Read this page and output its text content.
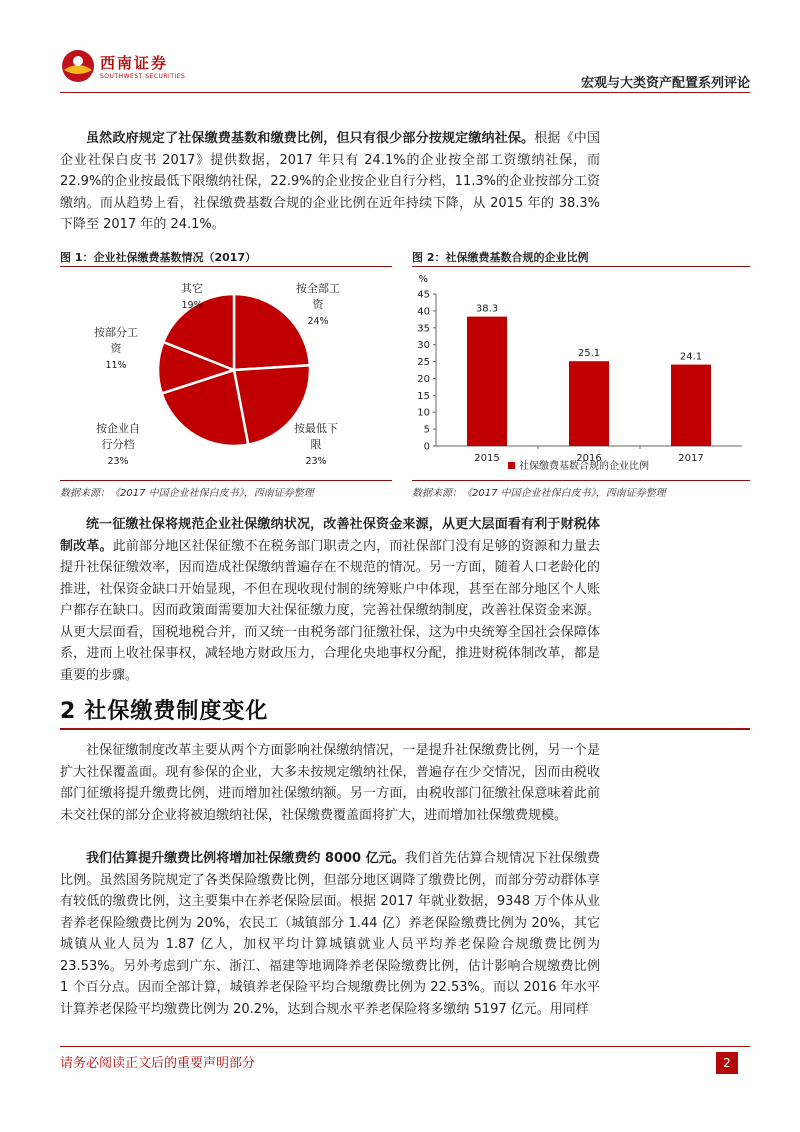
西南证券
SOUTHWEST SECURITIES	宏观与大类资产配置系列评论

虽然政府规定了社保缴费基数和缴费比例，但只有很少部分按规定缴纳社保。根据《中国企业社保白皮书 2017》提供数据，2017 年只有 24.1%的企业按全部工资缴纳社保，而 22.9%的企业按最低下限缴纳社保，22.9%的企业按企业自行分档，11.3%的企业按部分工资缴纳。而从趋势上看，社保缴费基数合规的企业比例在近年持续下降，从 2015 年的 38.3%下降至 2017 年的 24.1%。

图 1：企业社保缴费基数情况（2017）
按全部工
资
24%
按最低下
限
23%
按企业自
行分档
23%
按部分工
资
11%
其它
19%
数据来源：《2017 中国企业社保白皮书》，西南证券整理
图 2：社保缴费基数合规的企业比例
%
0
5
10
15
20
25
30
35
40
45
38.3
2015
25.1
2016
24.1
2017
社保缴费基数合规的企业比例
数据来源：《2017 中国企业社保白皮书》，西南证券整理

统一征缴社保将规范企业社保缴纳状况，改善社保资金来源，从更大层面看有利于财税体制改革。此前部分地区社保征缴不在税务部门职责之内，而社保部门没有足够的资源和力量去提升社保征缴效率，因而造成社保缴纳普遍存在不规范的情况。另一方面，随着人口老龄化的推进，社保资金缺口开始显现，不但在现收现付制的统筹账户中体现，甚至在部分地区个人账户都存在缺口。因而政策面需要加大社保征缴力度，完善社保缴纳制度，改善社保资金来源。从更大层面看，国税地税合并，而又统一由税务部门征缴社保，这为中央统筹全国社会保障体系，进而上收社保事权，减轻地方财政压力，合理化央地事权分配，推进财税体制改革，都是重要的步骤。

2 社保缴费制度变化

社保征缴制度改革主要从两个方面影响社保缴纳情况，一是提升社保缴费比例，另一个是扩大社保覆盖面。现有参保的企业，大多未按规定缴纳社保，普遍存在少交情况，因而由税收部门征缴将提升缴费比例，进而增加社保缴纳额。另一方面，由税收部门征缴社保意味着此前未交社保的部分企业将被迫缴纳社保，社保缴费覆盖面将扩大，进而增加社保缴费规模。

我们估算提升缴费比例将增加社保缴费约 8000 亿元。我们首先估算合规情况下社保缴费比例。虽然国务院规定了各类保险缴费比例，但部分地区调降了缴费比例，而部分劳动群体享有较低的缴费比例，这主要集中在养老保险层面。根据 2017 年就业数据，9348 万个体从业者养老保险缴费比例为 20%，农民工（城镇部分 1.44 亿）养老保险缴费比例为 20%，其它城镇从业人员为 1.87 亿人，加权平均计算城镇就业人员平均养老保险合规缴费比例为 23.53%。另外考虑到广东、浙江、福建等地调降养老保险缴费比例，估计影响合规缴费比例 1 个百分点。因而全部计算，城镇养老保险平均合规缴费比例为 22.53%。而以 2016 年水平计算养老保险平均缴费比例为 20.2%，达到合规水平养老保险将多缴纳 5197 亿元。用同样

请务必阅读正文后的重要声明部分	2
